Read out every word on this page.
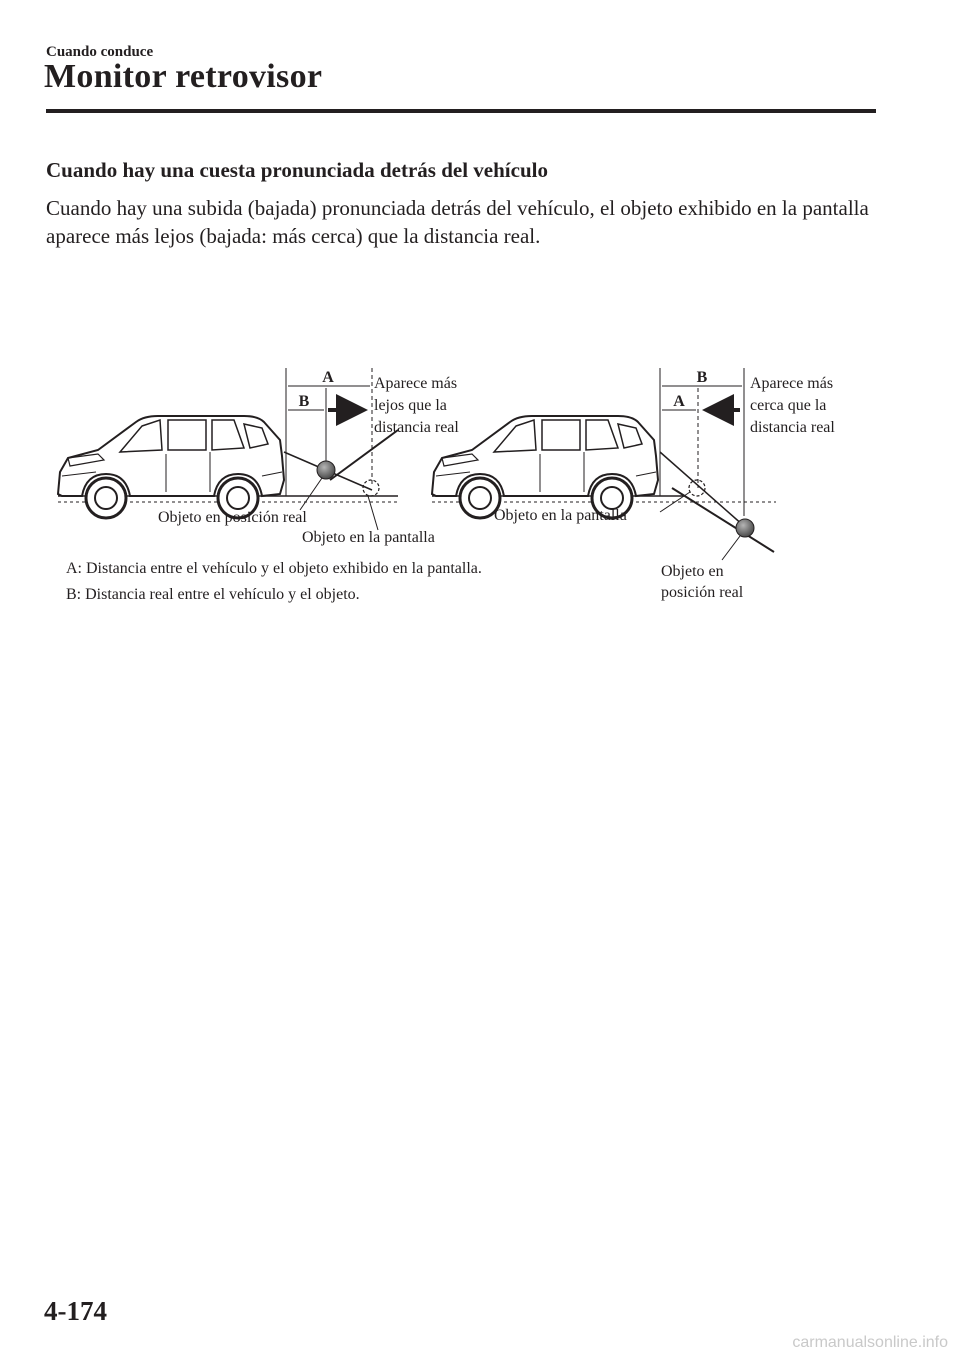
Cuando conduce
Monitor retrovisor
Cuando hay una cuesta pronunciada detrás del vehículo
Cuando hay una subida (bajada) pronunciada detrás del vehículo, el objeto exhibido en la pantalla aparece más lejos (bajada: más cerca) que la distancia real.
A
B
Aparece más lejos que la distancia real
Objeto en posición real
Objeto en la pantalla
B
A
Aparece más cerca que la distancia real
Objeto en la pantalla
Objeto en posición real
A: Distancia entre el vehículo y el objeto exhibido en la pantalla.
B: Distancia real entre el vehículo y el objeto.
4-174
carmanualsonline.info
